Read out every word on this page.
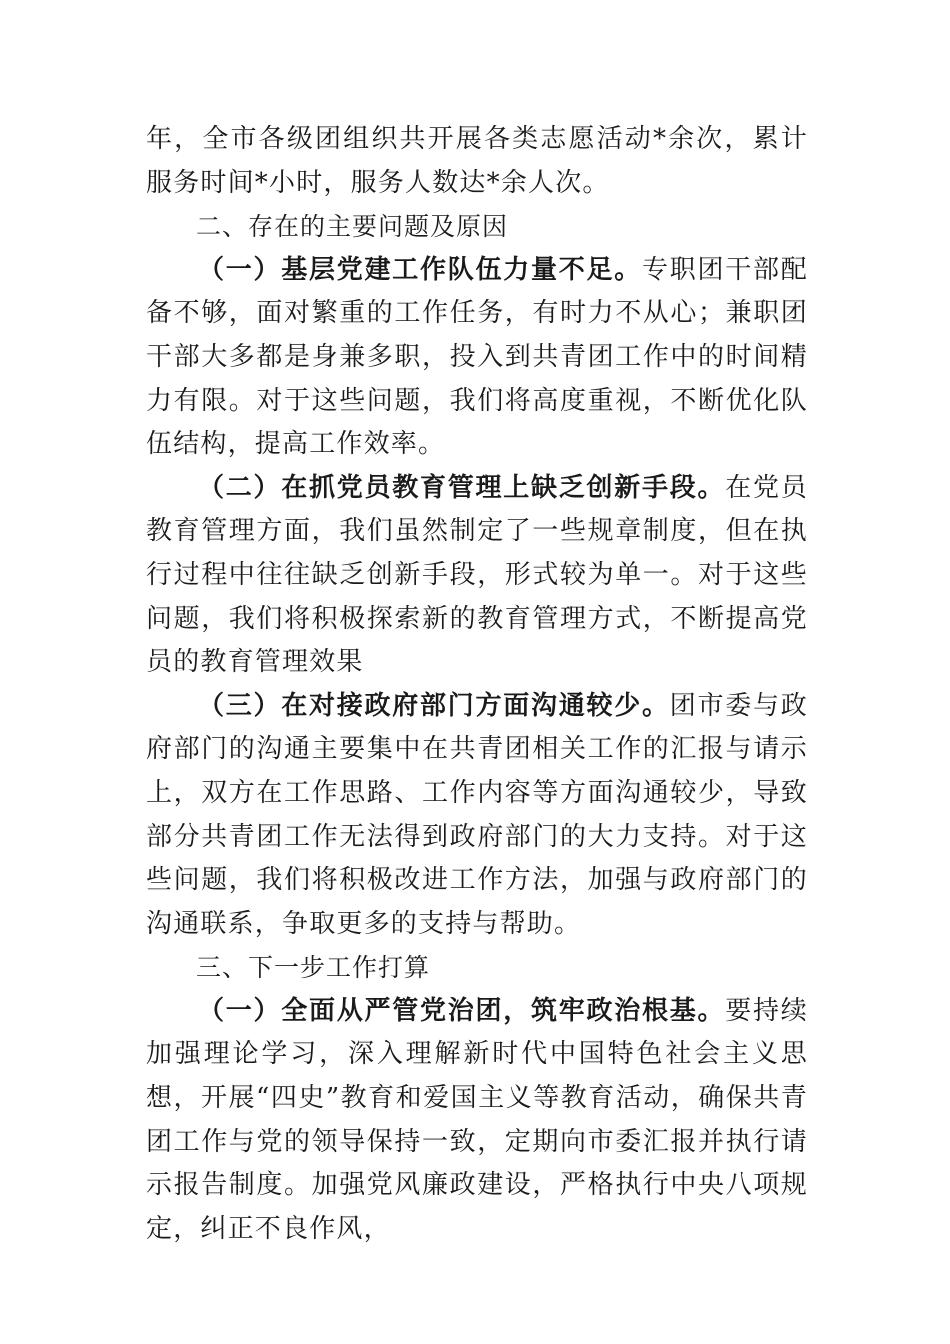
年，全市各级团组织共开展各类志愿活动*余次，累计服务时间*小时，服务人数达*余人次。

二、存在的主要问题及原因

（一）基层党建工作队伍力量不足。专职团干部配备不够，面对繁重的工作任务，有时力不从心；兼职团干部大多都是身兼多职，投入到共青团工作中的时间精力有限。对于这些问题，我们将高度重视，不断优化队伍结构，提高工作效率。

（二）在抓党员教育管理上缺乏创新手段。在党员教育管理方面，我们虽然制定了一些规章制度，但在执行过程中往往缺乏创新手段，形式较为单一。对于这些问题，我们将积极探索新的教育管理方式，不断提高党员的教育管理效果

（三）在对接政府部门方面沟通较少。团市委与政府部门的沟通主要集中在共青团相关工作的汇报与请示上，双方在工作思路、工作内容等方面沟通较少，导致部分共青团工作无法得到政府部门的大力支持。对于这些问题，我们将积极改进工作方法，加强与政府部门的沟通联系，争取更多的支持与帮助。

三、下一步工作打算

（一）全面从严管党治团，筑牢政治根基。要持续加强理论学习，深入理解新时代中国特色社会主义思想，开展“四史”教育和爱国主义等教育活动，确保共青团工作与党的领导保持一致，定期向市委汇报并执行请示报告制度。加强党风廉政建设，严格执行中央八项规定，纠正不良作风，
